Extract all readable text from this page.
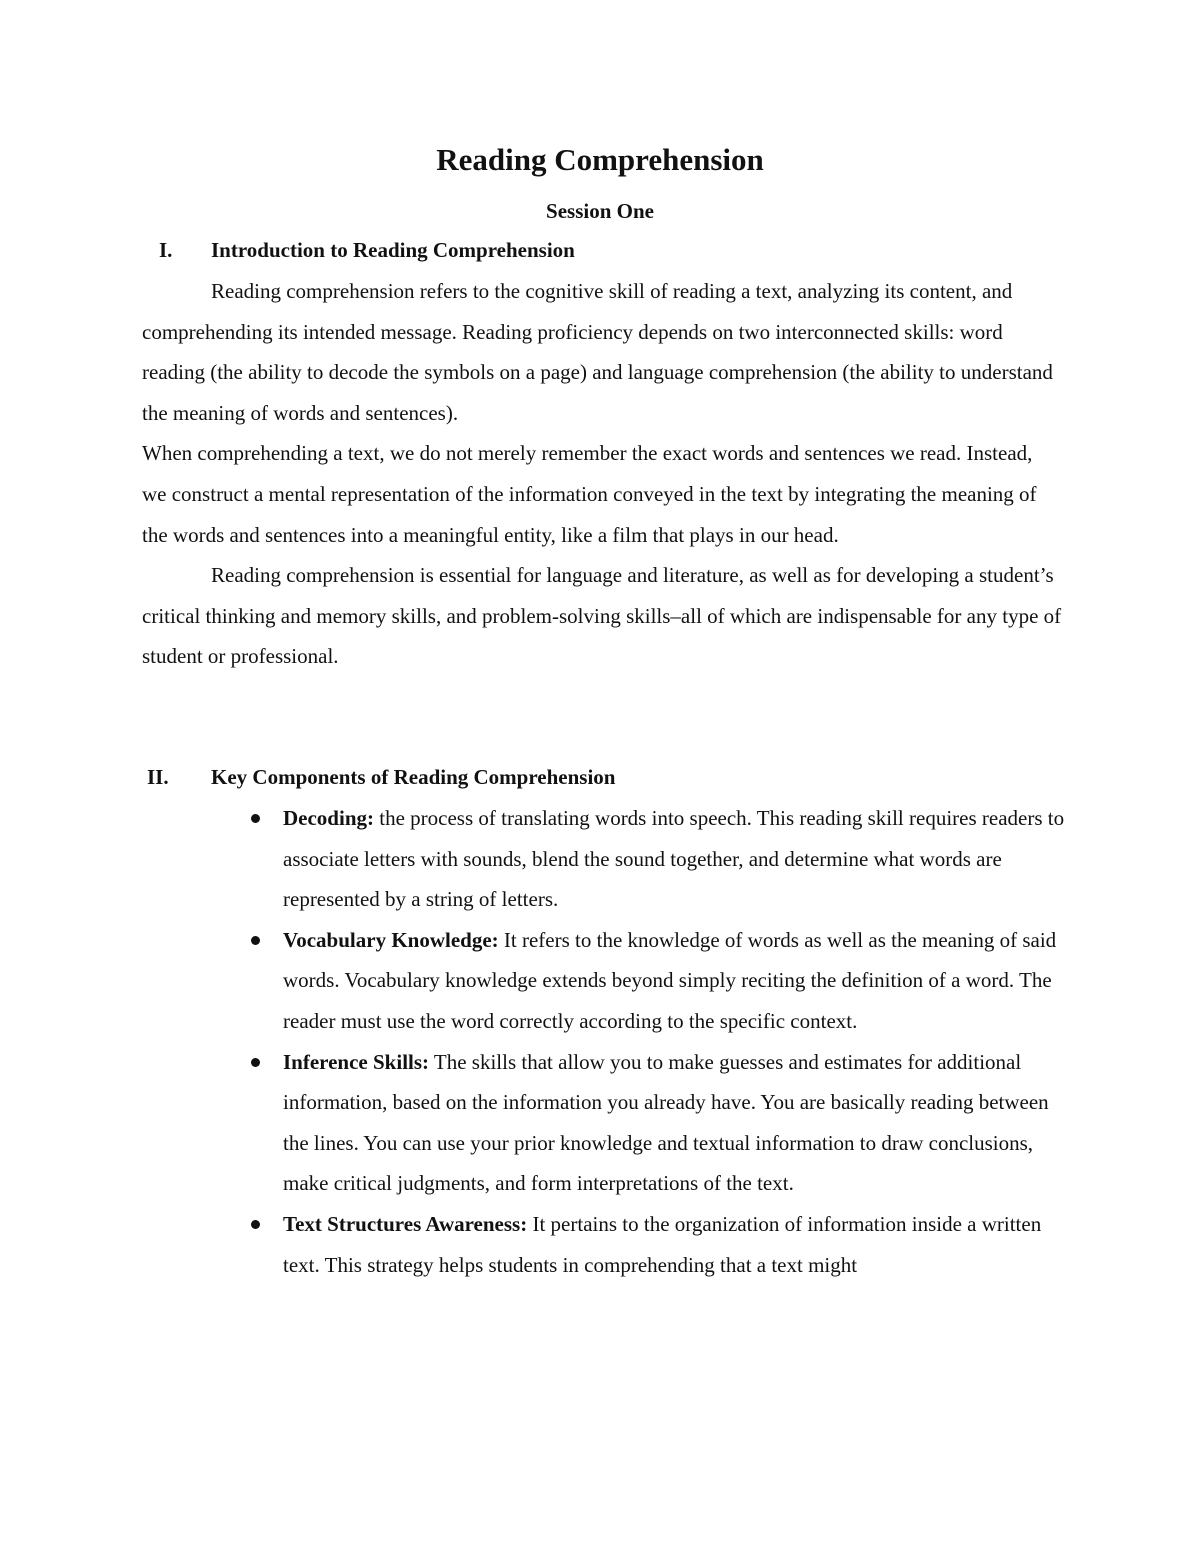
Reading Comprehension
Session One
I. Introduction to Reading Comprehension

Reading comprehension refers to the cognitive skill of reading a text, analyzing its content, and comprehending its intended message. Reading proficiency depends on two interconnected skills: word reading (the ability to decode the symbols on a page) and language comprehension (the ability to understand the meaning of words and sentences).

When comprehending a text, we do not merely remember the exact words and sentences we read. Instead, we construct a mental representation of the information conveyed in the text by integrating the meaning of the words and sentences into a meaningful entity, like a film that plays in our head.

Reading comprehension is essential for language and literature, as well as for developing a student’s critical thinking and memory skills, and problem-solving skills–all of which are indispensable for any type of student or professional.

II. Key Components of Reading Comprehension
Decoding: the process of translating words into speech. This reading skill requires readers to associate letters with sounds, blend the sound together, and determine what words are represented by a string of letters.
Vocabulary Knowledge: It refers to the knowledge of words as well as the meaning of said words. Vocabulary knowledge extends beyond simply reciting the definition of a word. The reader must use the word correctly according to the specific context.
Inference Skills: The skills that allow you to make guesses and estimates for additional information, based on the information you already have. You are basically reading between the lines. You can use your prior knowledge and textual information to draw conclusions, make critical judgments, and form interpretations of the text.
Text Structures Awareness: It pertains to the organization of information inside a written text. This strategy helps students in comprehending that a text might
